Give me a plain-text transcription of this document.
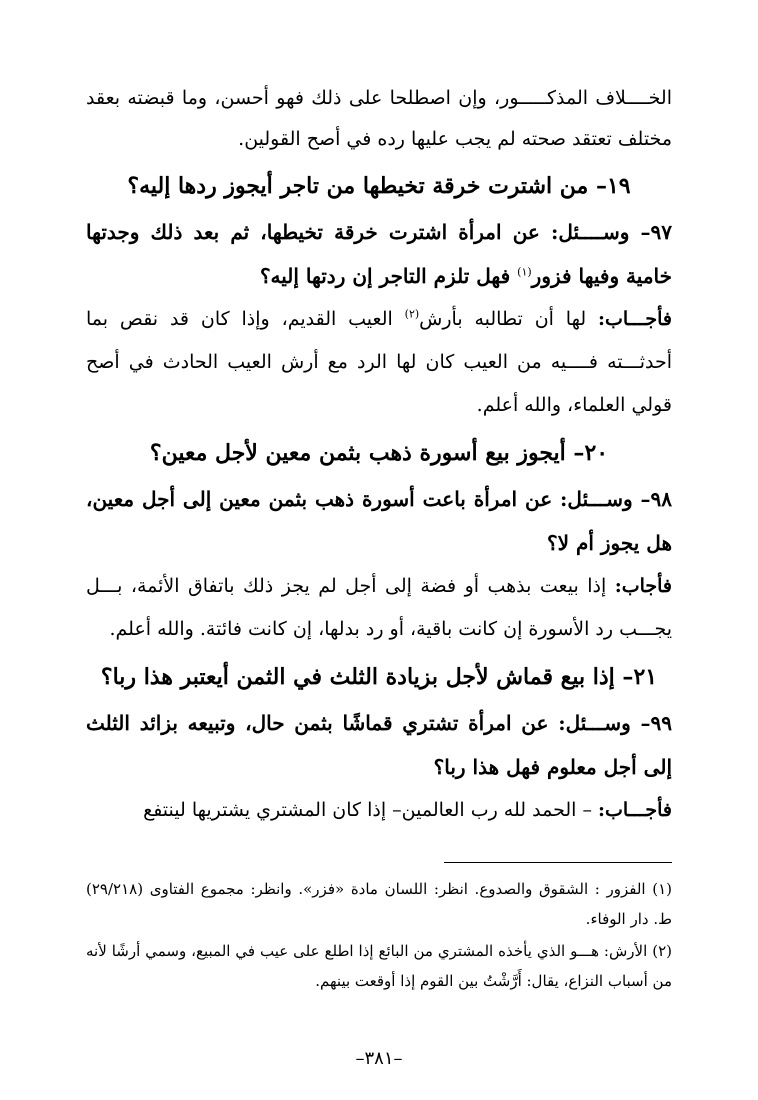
الخــــلاف المذكـــــور، وإن اصطلحا على ذلك فهو أحسن، وما قبضته بعقد مختلف تعتقد صحته لم يجب عليها رده في أصح القولين.

١٩– من اشترت خرقة تخيطها من تاجر أيجوز ردها إليه؟

٩٧– وســــئل: عن امرأة اشترت خرقة تخيطها، ثم بعد ذلك وجدتها خامية وفيها فزور$^{(١)}$ فهل تلزم التاجر إن ردتها إليه؟

فأجـــاب: لها أن تطالبه بأرش$^{(٢)}$ العيب القديم، وإذا كان قد نقص بما أحدثـــته فــــيه من العيب كان لها الرد مع أرش العيب الحادث في أصح قولي العلماء، والله أعلم.

٢٠– أيجوز بيع أسورة ذهب بثمن معين لأجل معين؟

٩٨– وســـئل: عن امرأة باعت أسورة ذهب بثمن معين إلى أجل معين، هل يجوز أم لا؟

فأجاب: إذا بيعت بذهب أو فضة إلى أجل لم يجز ذلك باتفاق الأئمة، بـــل يجـــب رد الأسورة إن كانت باقية، أو رد بدلها، إن كانت فائتة. والله أعلم.

٢١– إذا بيع قماش لأجل بزيادة الثلث في الثمن أيعتبر هذا ربا؟

٩٩– وســـئل: عن امرأة تشتري قماشًا بثمن حال، وتبيعه بزائد الثلث إلى أجل معلوم فهل هذا ربا؟

فأجـــاب: – الحمد لله رب العالمين– إذا كان المشتري يشتريها لينتفع

(١) الفزور : الشقوق والصدوع. انظر: اللسان مادة «فزر». وانظر: مجموع الفتاوى (٢٩/٢١٨) ط. دار الوفاء.

(٢) الأرش: هـــو الذي يأخذه المشتري من البائع إذا اطلع على عيب في المبيع، وسمي أرشًا لأنه من أسباب النزاع، يقال: أَرَّشْتُ بين القوم إذا أوقعت بينهم.

–٣٨١–
